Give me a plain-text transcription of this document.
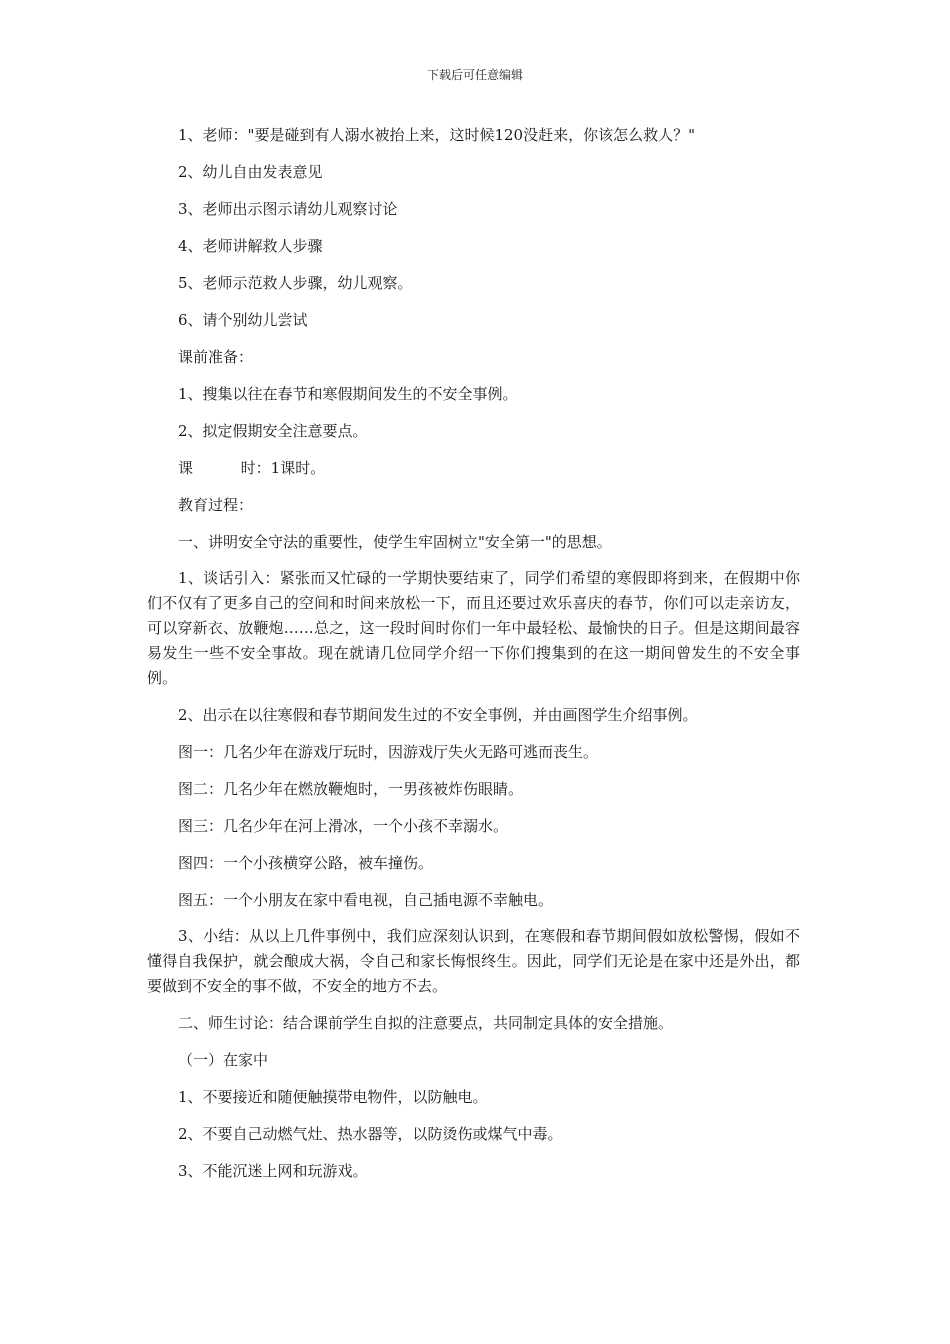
下载后可任意编辑

1、老师："要是碰到有人溺水被抬上来，这时候120没赶来，你该怎么救人？"

2、幼儿自由发表意见

3、老师出示图示请幼儿观察讨论

4、老师讲解救人步骤

5、老师示范救人步骤，幼儿观察。

6、请个别幼儿尝试

课前准备：

1、搜集以往在春节和寒假期间发生的不安全事例。

2、拟定假期安全注意要点。

课          时：1课时。

教育过程：

一、讲明安全守法的重要性，使学生牢固树立"安全第一"的思想。

1、谈话引入：紧张而又忙碌的一学期快要结束了，同学们希望的寒假即将到来，在假期中你们不仅有了更多自己的空间和时间来放松一下，而且还要过欢乐喜庆的春节，你们可以走亲访友，可以穿新衣、放鞭炮……总之，这一段时间时你们一年中最轻松、最愉快的日子。但是这期间最容易发生一些不安全事故。现在就请几位同学介绍一下你们搜集到的在这一期间曾发生的不安全事例。

2、出示在以往寒假和春节期间发生过的不安全事例，并由画图学生介绍事例。

图一：几名少年在游戏厅玩时，因游戏厅失火无路可逃而丧生。

图二：几名少年在燃放鞭炮时，一男孩被炸伤眼睛。

图三：几名少年在河上滑冰，一个小孩不幸溺水。

图四：一个小孩横穿公路，被车撞伤。

图五：一个小朋友在家中看电视，自己插电源不幸触电。

3、小结：从以上几件事例中，我们应深刻认识到，在寒假和春节期间假如放松警惕，假如不懂得自我保护，就会酿成大祸，令自己和家长悔恨终生。因此，同学们无论是在家中还是外出，都要做到不安全的事不做，不安全的地方不去。

二、师生讨论：结合课前学生自拟的注意要点，共同制定具体的安全措施。

（一）在家中

1、不要接近和随便触摸带电物件，以防触电。

2、不要自己动燃气灶、热水器等，以防烫伤或煤气中毒。

3、不能沉迷上网和玩游戏。
